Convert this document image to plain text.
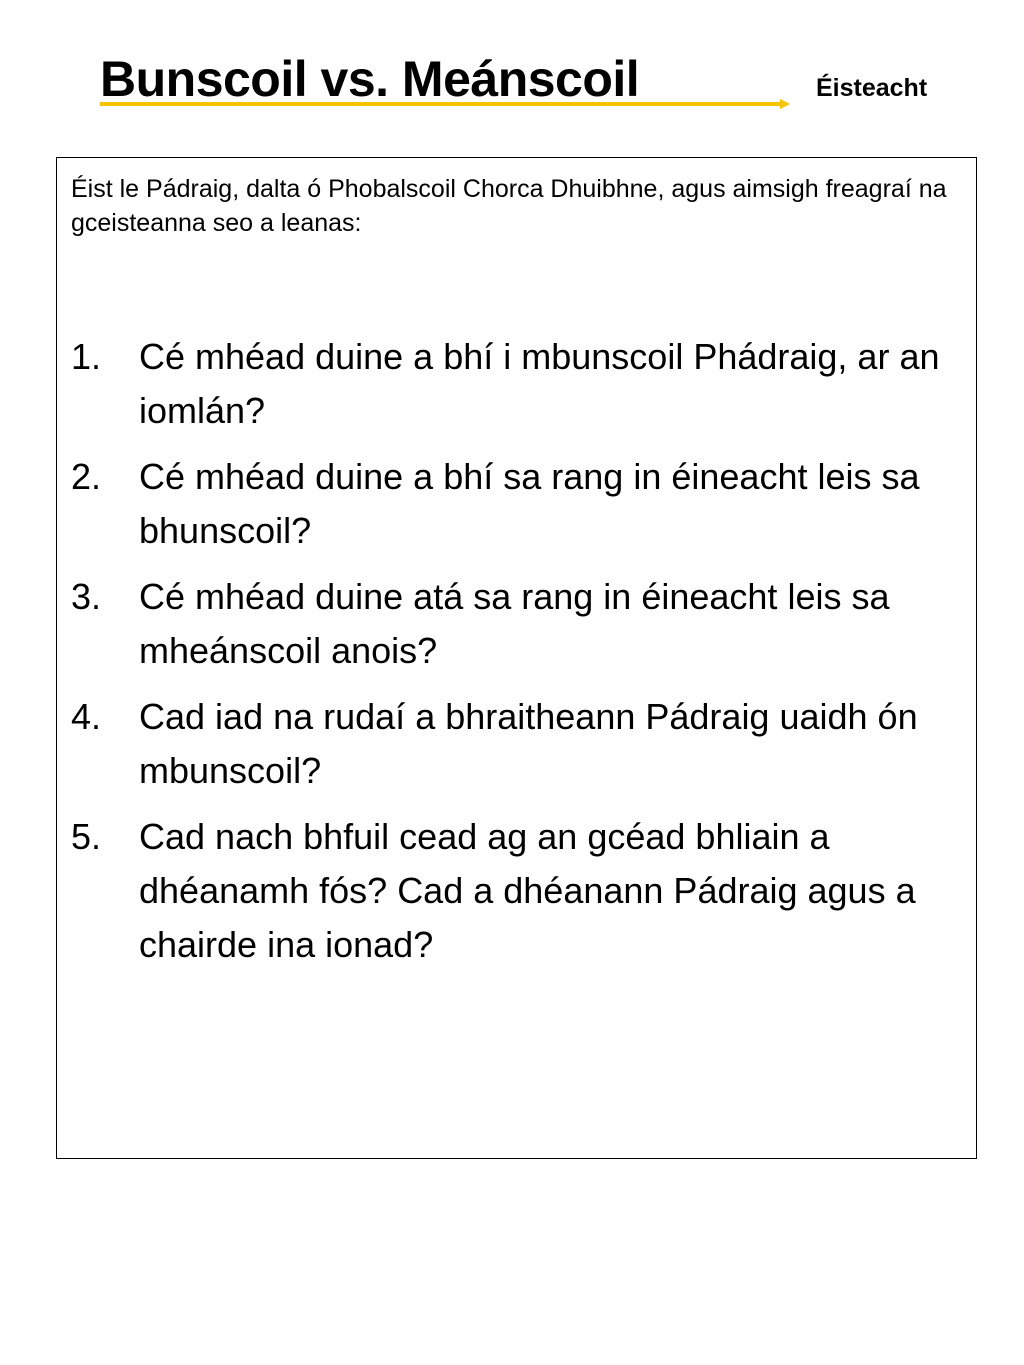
Bunscoil vs. Meánscoil	Éisteacht
Éist le Pádraig, dalta ó Phobalscoil Chorca Dhuibhne, agus aimsigh freagraí na gceisteanna seo a leanas:
1. Cé mhéad duine a bhí i mbunscoil Phádraig, ar an iomlán?
2. Cé mhéad duine a bhí sa rang in éineacht leis sa bhunscoil?
3. Cé mhéad duine atá sa rang in éineacht leis sa mheánscoil anois?
4. Cad iad na rudaí a bhraitheann Pádraig uaidh ón mbunscoil?
5. Cad nach bhfuil cead ag an gcéad bhliain a dhéanamh fós? Cad a dhéanann Pádraig agus a chairde ina ionad?
